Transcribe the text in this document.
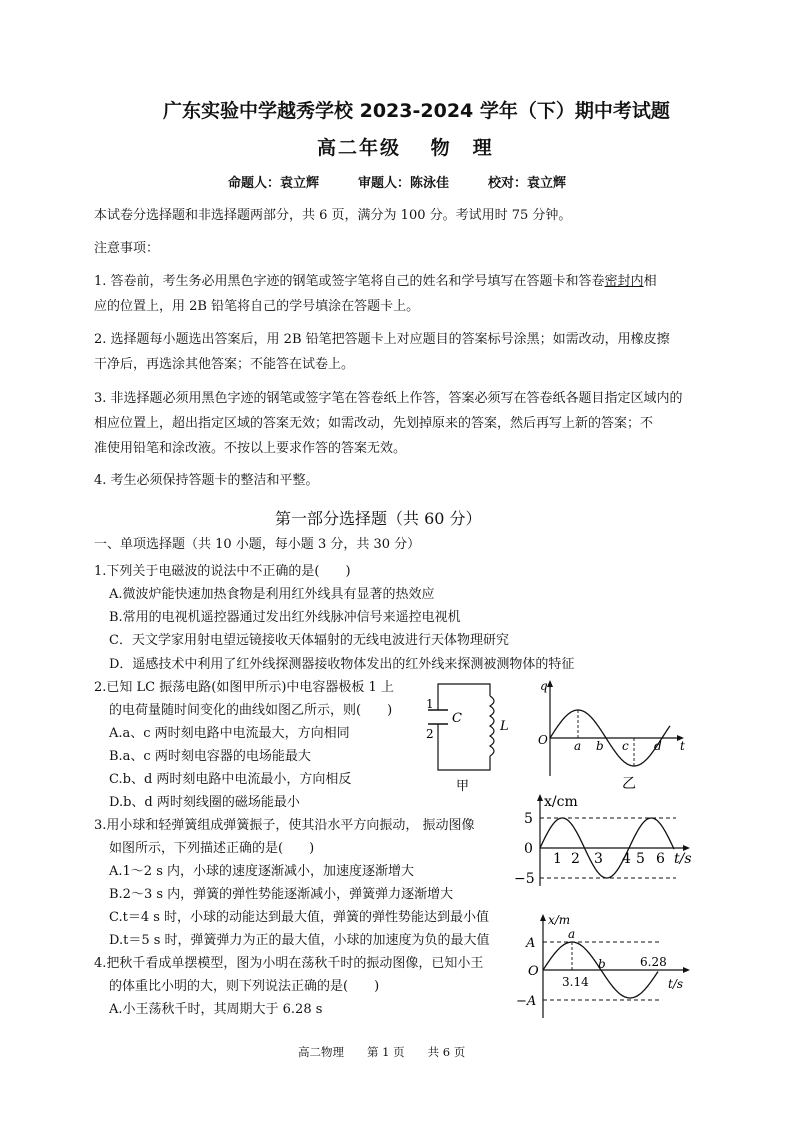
广东实验中学越秀学校 2023-2024 学年（下）期中考试题
高二年级　 物　理
命题人：袁立辉　　　审题人：陈泳佳　　　校对：袁立辉
本试卷分选择题和非选择题两部分，共 6 页，满分为 100 分。考试用时 75 分钟。
注意事项：
1. 答卷前，考生务必用黑色字迹的钢笔或签字笔将自己的姓名和学号填写在答题卡和答卷密封内相
应的位置上，用 2B 铅笔将自己的学号填涂在答题卡上。
2. 选择题每小题选出答案后，用 2B 铅笔把答题卡上对应题目的答案标号涂黑；如需改动，用橡皮擦
干净后，再选涂其他答案；不能答在试卷上。
3. 非选择题必须用黑色字迹的钢笔或签字笔在答卷纸上作答，答案必须写在答卷纸各题目指定区域内的
相应位置上，超出指定区域的答案无效；如需改动，先划掉原来的答案，然后再写上新的答案；不
准使用铅笔和涂改液。不按以上要求作答的答案无效。
4. 考生必须保持答题卡的整洁和平整。
第一部分选择题（共 60 分）
一、单项选择题（共 10 小题，每小题 3 分，共 30 分）
1.下列关于电磁波的说法中不正确的是(　　)
A.微波炉能快速加热食物是利用红外线具有显著的热效应
B.常用的电视机遥控器通过发出红外线脉冲信号来遥控电视机
C．天文学家用射电望远镜接收天体辐射的无线电波进行天体物理研究
D．遥感技术中利用了红外线探测器接收物体发出的红外线来探测被测物体的特征
2.已知 LC 振荡电路(如图甲所示)中电容器极板 1 上
的电荷量随时间变化的曲线如图乙所示，则(　　)
A.a、c 两时刻电路中电流最大，方向相同
B.a、c 两时刻电容器的电场能最大
C.b、d 两时刻电路中电流最小，方向相反
D.b、d 两时刻线圈的磁场能最小
1
2
C
L
甲
q
O	t
a b c d
乙
3.用小球和轻弹簧组成弹簧振子，使其沿水平方向振动， 振动图像
如图所示，下列描述正确的是(　　)
A.1～2 s 内，小球的速度逐渐减小，加速度逐渐增大
B.2～3 s 内，弹簧的弹性势能逐渐减小，弹簧弹力逐渐增大
C.t＝4 s 时，小球的动能达到最大值，弹簧的弹性势能达到最小值
D.t＝5 s 时，弹簧弹力为正的最大值，小球的加速度为负的最大值
x/cm
5
0
−5
1 2 3 4 5 6 t/s
4.把秋千看成单摆模型，图为小明在荡秋千时的振动图像，已知小王
的体重比小明的大，则下列说法正确的是(　　)
A.小王荡秋千时，其周期大于 6.28 s
x/m
A
O
−A
a
b
3.14
6.28
t/s
高二物理　　第 1 页　　共 6 页
